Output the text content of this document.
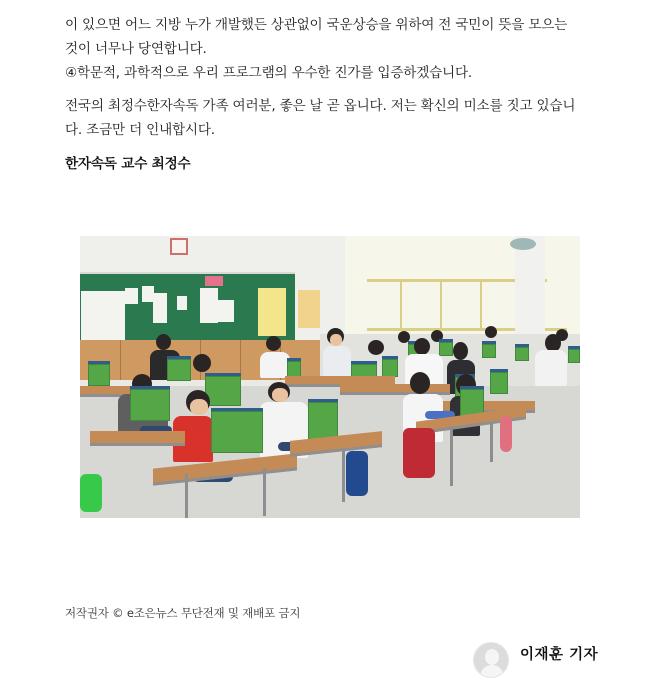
이 있으면 어느 지방 누가 개발했든 상관없이 국운상승을 위하여 전 국민이 뜻을 모으는
것이 너무나 당연합니다.
④학문적, 과학적으로 우리 프로그램의 우수한 진가를 입증하겠습니다.

전국의 최정수한자속독 가족 여러분, 좋은 날 곧 옵니다. 저는 확신의 미소를 짓고 있습니
다. 조금만 더 인내합시다.

한자속독 교수 최정수

저작권자 © e조은뉴스 무단전재 및 재배포 금지
이재훈 기자
